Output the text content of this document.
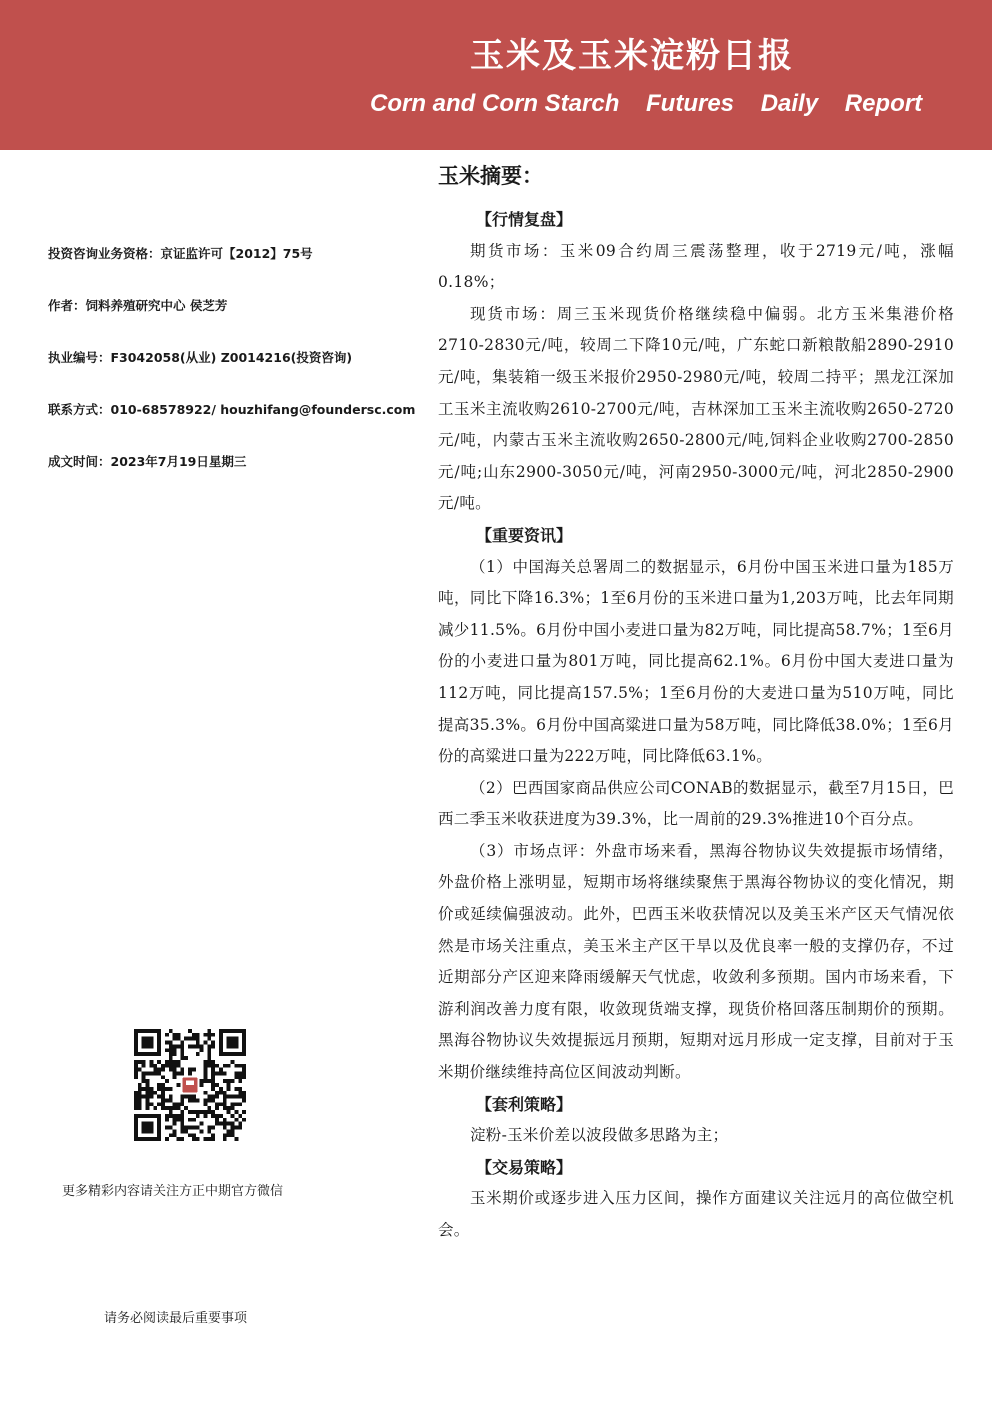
玉米及玉米淀粉日报
Corn and Corn Starch    Futures    Daily    Report
投资咨询业务资格：京证监许可【2012】75号
作者：饲料养殖研究中心 侯芝芳
执业编号：F3042058(从业) Z0014216(投资咨询)
联系方式：010-68578922/ houzhifang@foundersc.com
成文时间：2023年7月19日星期三
更多精彩内容请关注方正中期官方微信
请务必阅读最后重要事项
玉米摘要：
【行情复盘】

期货市场：玉米09合约周三震荡整理，收于2719元/吨，涨幅0.18%；

现货市场：周三玉米现货价格继续稳中偏弱。北方玉米集港价格2710-2830元/吨，较周二下降10元/吨，广东蛇口新粮散船2890-2910元/吨，集装箱一级玉米报价2950-2980元/吨，较周二持平；黑龙江深加工玉米主流收购2610-2700元/吨，吉林深加工玉米主流收购2650-2720元/吨，内蒙古玉米主流收购2650-2800元/吨,饲料企业收购2700-2850元/吨;山东2900-3050元/吨，河南2950-3000元/吨，河北2850-2900元/吨。

【重要资讯】

（1）中国海关总署周二的数据显示，6月份中国玉米进口量为185万吨，同比下降16.3%；1至6月份的玉米进口量为1,203万吨，比去年同期减少11.5%。6月份中国小麦进口量为82万吨，同比提高58.7%；1至6月份的小麦进口量为801万吨，同比提高62.1%。6月份中国大麦进口量为112万吨，同比提高157.5%；1至6月份的大麦进口量为510万吨，同比提高35.3%。6月份中国高粱进口量为58万吨，同比降低38.0%；1至6月份的高粱进口量为222万吨，同比降低63.1%。

（2）巴西国家商品供应公司CONAB的数据显示，截至7月15日，巴西二季玉米收获进度为39.3%，比一周前的29.3%推进10个百分点。

（3）市场点评：外盘市场来看，黑海谷物协议失效提振市场情绪，外盘价格上涨明显，短期市场将继续聚焦于黑海谷物协议的变化情况，期价或延续偏强波动。此外，巴西玉米收获情况以及美玉米产区天气情况依然是市场关注重点，美玉米主产区干旱以及优良率一般的支撑仍存，不过近期部分产区迎来降雨缓解天气忧虑，收敛利多预期。国内市场来看，下游利润改善力度有限，收敛现货端支撑，现货价格回落压制期价的预期。黑海谷物协议失效提振远月预期，短期对远月形成一定支撑，目前对于玉米期价继续维持高位区间波动判断。

【套利策略】

淀粉-玉米价差以波段做多思路为主；

【交易策略】

玉米期价或逐步进入压力区间，操作方面建议关注远月的高位做空机会。
